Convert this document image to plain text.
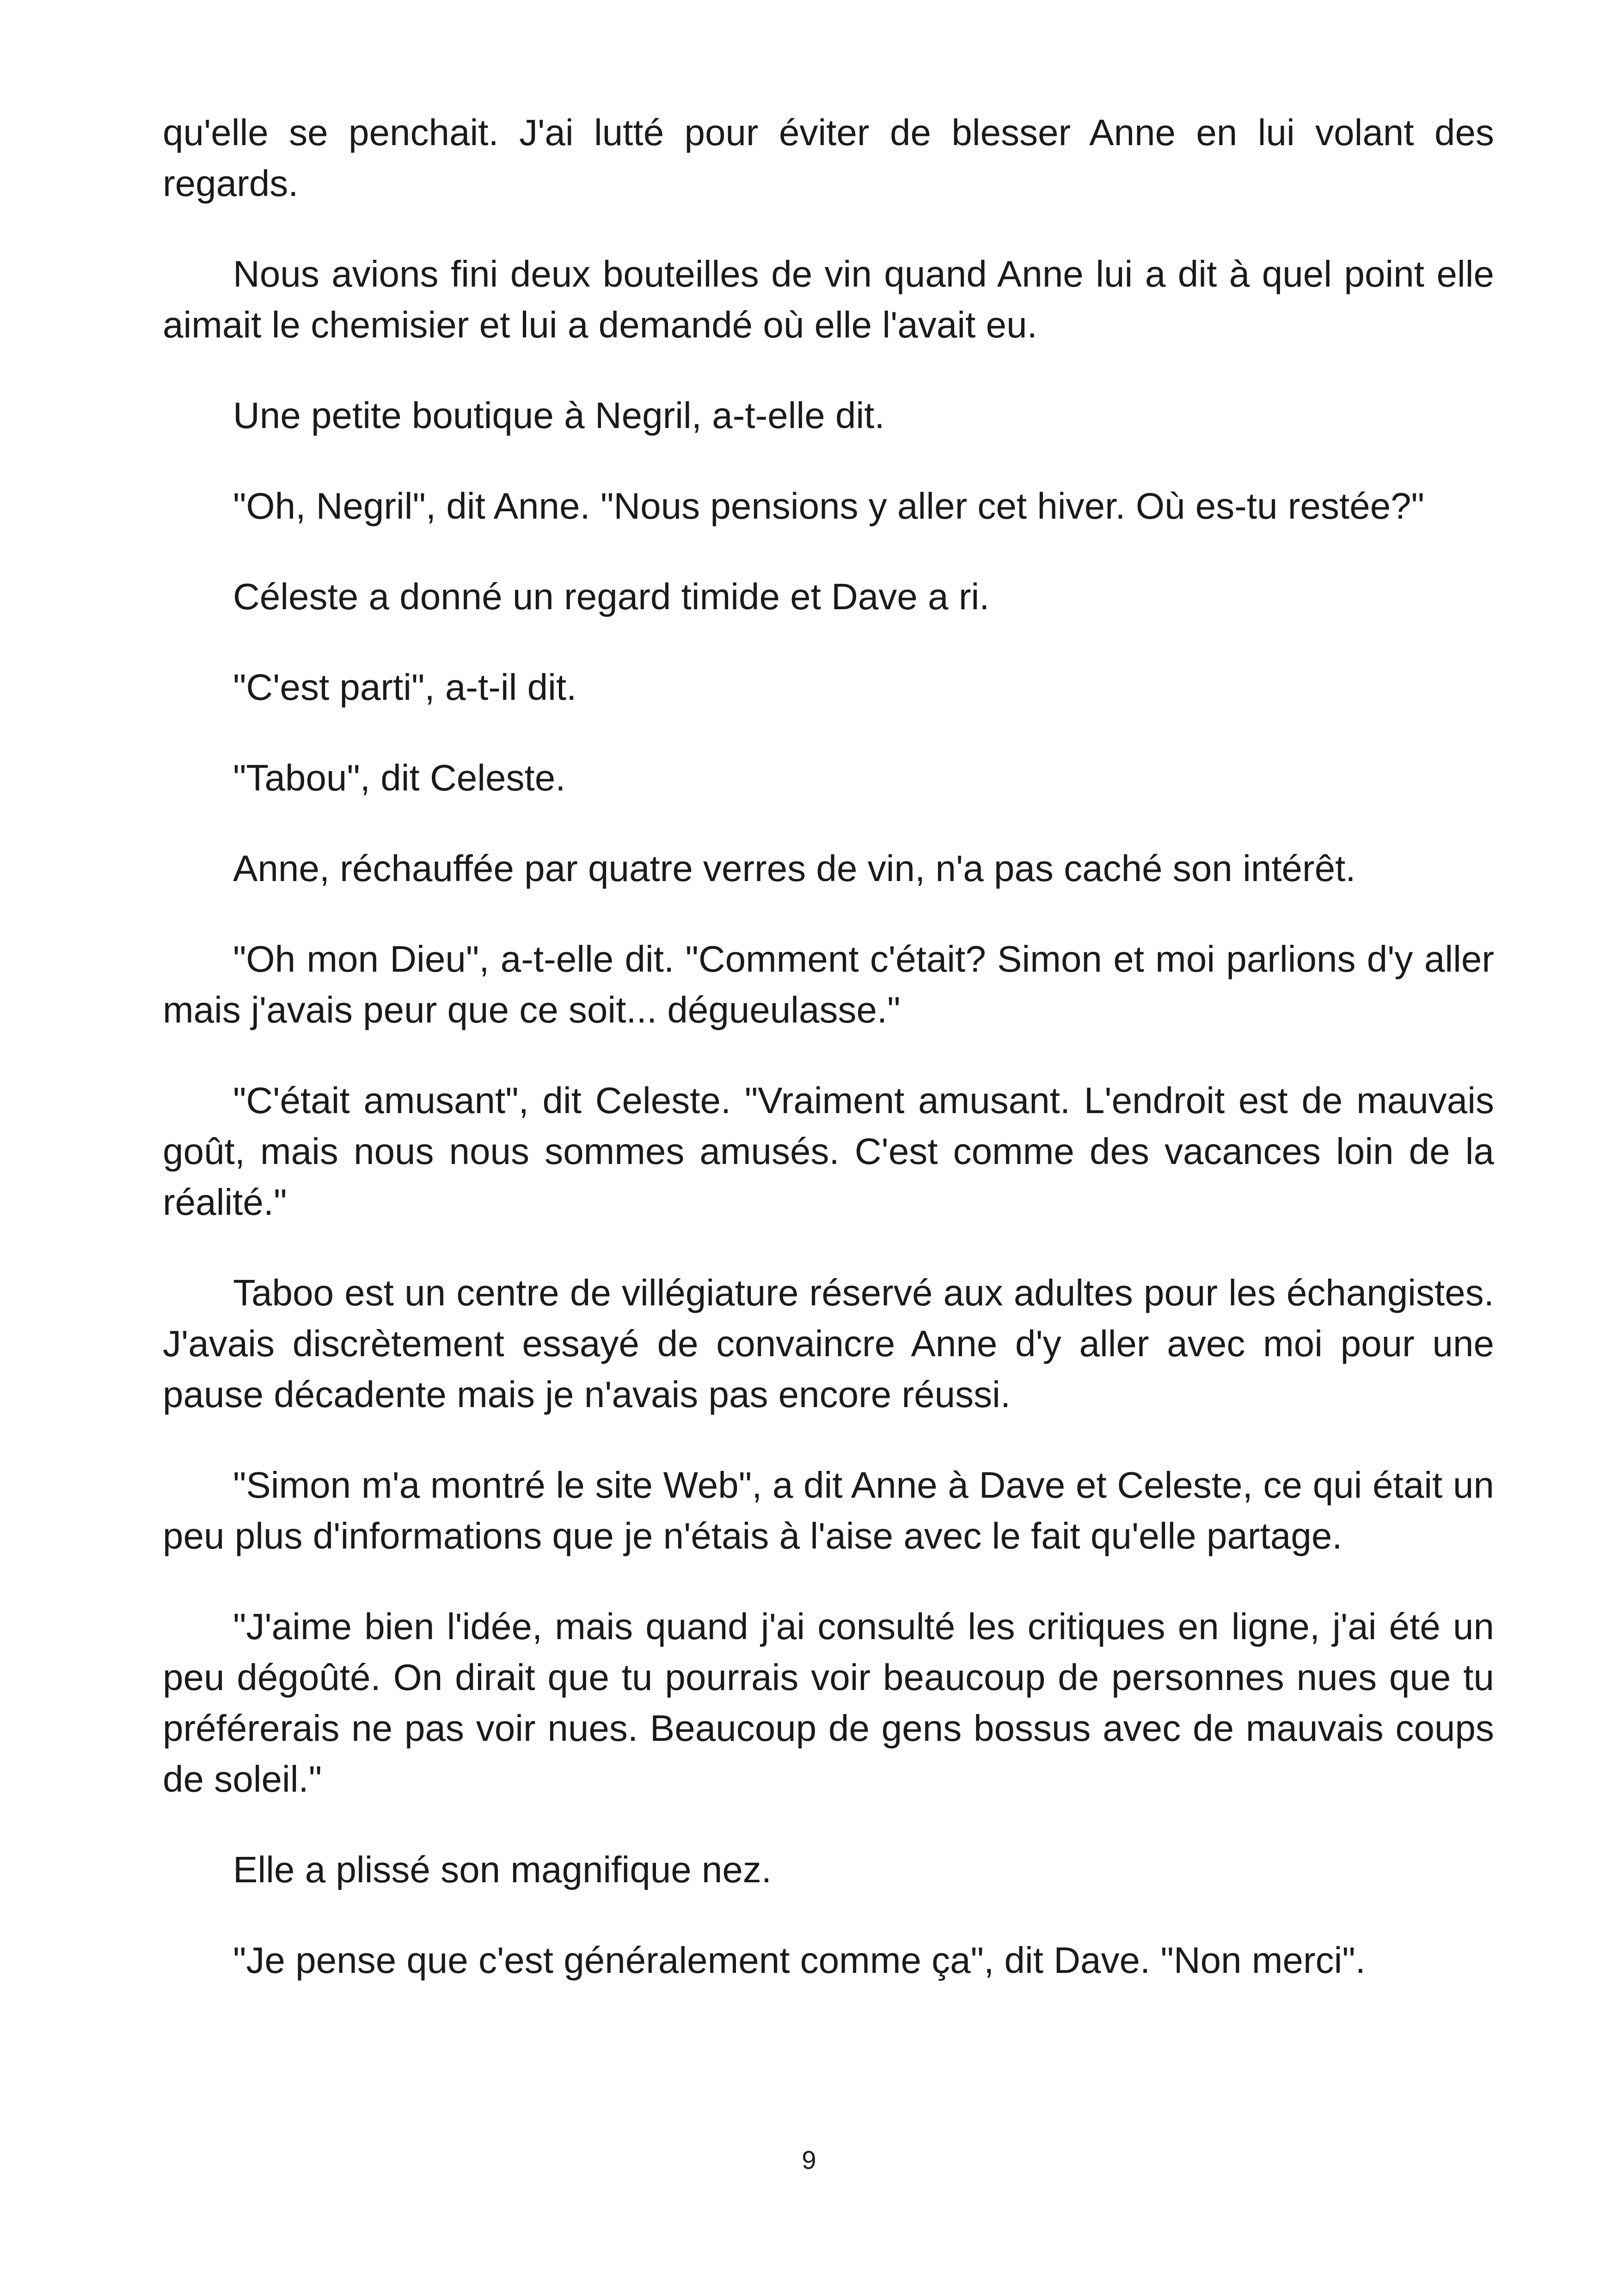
qu'elle se penchait. J'ai lutté pour éviter de blesser Anne en lui volant des regards.

Nous avions fini deux bouteilles de vin quand Anne lui a dit à quel point elle aimait le chemisier et lui a demandé où elle l'avait eu.

Une petite boutique à Negril, a-t-elle dit.

"Oh, Negril", dit Anne. "Nous pensions y aller cet hiver. Où es-tu restée?"

Céleste a donné un regard timide et Dave a ri.

"C'est parti", a-t-il dit.

"Tabou", dit Celeste.

Anne, réchauffée par quatre verres de vin, n'a pas caché son intérêt.

"Oh mon Dieu", a-t-elle dit. "Comment c'était? Simon et moi parlions d'y aller mais j'avais peur que ce soit... dégueulasse."

"C'était amusant", dit Celeste. "Vraiment amusant. L'endroit est de mauvais goût, mais nous nous sommes amusés. C'est comme des vacances loin de la réalité."

Taboo est un centre de villégiature réservé aux adultes pour les échangistes. J'avais discrètement essayé de convaincre Anne d'y aller avec moi pour une pause décadente mais je n'avais pas encore réussi.

"Simon m'a montré le site Web", a dit Anne à Dave et Celeste, ce qui était un peu plus d'informations que je n'étais à l'aise avec le fait qu'elle partage.

"J'aime bien l'idée, mais quand j'ai consulté les critiques en ligne, j'ai été un peu dégoûté. On dirait que tu pourrais voir beaucoup de personnes nues que tu préférerais ne pas voir nues. Beaucoup de gens bossus avec de mauvais coups de soleil."

Elle a plissé son magnifique nez.

"Je pense que c'est généralement comme ça", dit Dave. "Non merci".

9
